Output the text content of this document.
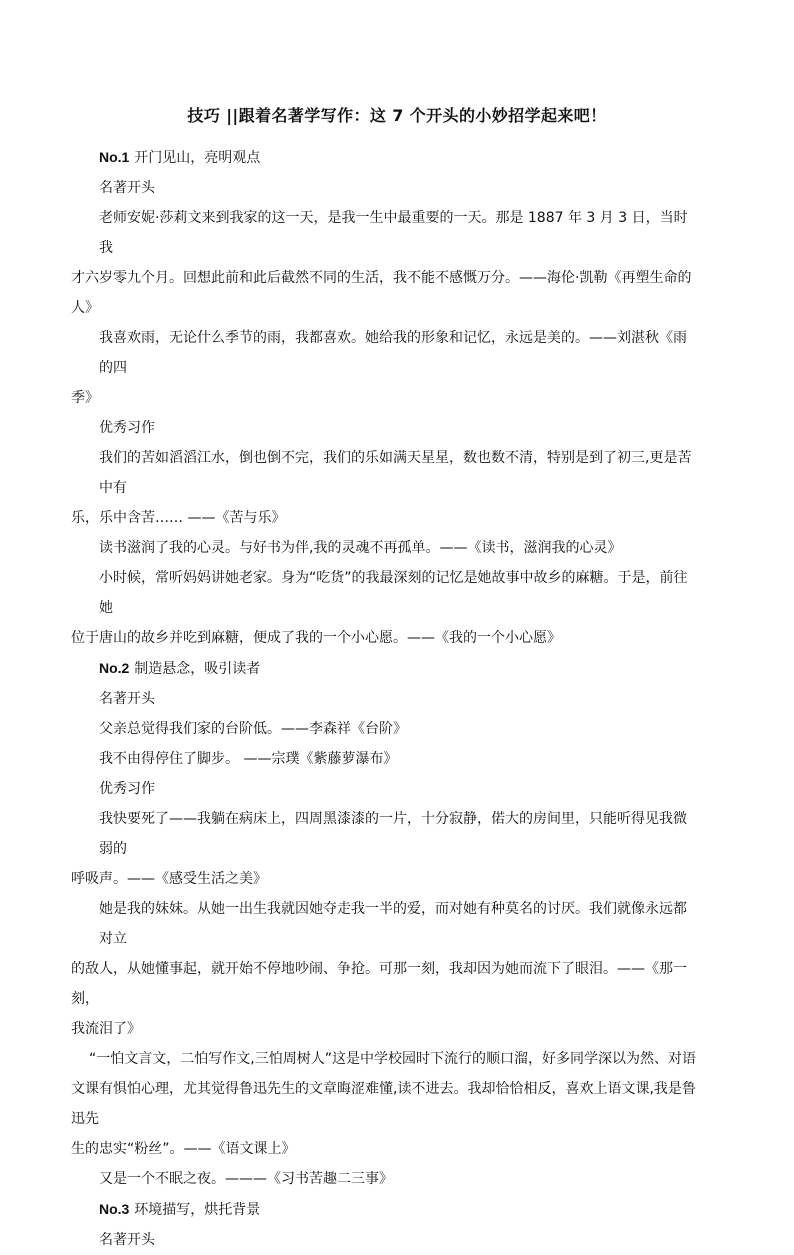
技巧 ||跟着名著学写作：这 7 个开头的小妙招学起来吧！
No.1 开门见山，亮明观点
名著开头
老师安妮·莎莉文来到我家的这一天，是我一生中最重要的一天。那是 1887 年 3 月 3 日，当时我
才六岁零九个月。回想此前和此后截然不同的生活，我不能不感慨万分。——海伦·凯勒《再塑生命的人》
我喜欢雨，无论什么季节的雨，我都喜欢。她给我的形象和记忆，永远是美的。——刘湛秋《雨的四
季》
优秀习作
我们的苦如滔滔江水，倒也倒不完，我们的乐如满天星星，数也数不清，特别是到了初三,更是苦中有
乐，乐中含苦…… ——《苦与乐》
读书滋润了我的心灵。与好书为伴,我的灵魂不再孤单。——《读书，滋润我的心灵》
小时候，常听妈妈讲她老家。身为“吃货”的我最深刻的记忆是她故事中故乡的麻糖。于是，前往她
位于唐山的故乡并吃到麻糖，便成了我的一个小心愿。——《我的一个小心愿》
No.2 制造悬念，吸引读者
名著开头
父亲总觉得我们家的台阶低。——李森祥《台阶》
我不由得停住了脚步。 ——宗璞《紫藤萝瀑布》
优秀习作
我快要死了——我躺在病床上，四周黑漆漆的一片，十分寂静，偌大的房间里，只能听得见我微弱的
呼吸声。——《感受生活之美》
她是我的妹妹。从她一出生我就因她夺走我一半的爱，而对她有种莫名的讨厌。我们就像永远都对立
的敌人，从她懂事起，就开始不停地吵闹、争抢。可那一刻，我却因为她而流下了眼泪。——《那一刻，
我流泪了》
“一怕文言文，二怕写作文,三怕周树人”这是中学校园时下流行的顺口溜，好多同学深以为然、对语
文课有惧怕心理，尤其觉得鲁迅先生的文章晦涩难懂,读不进去。我却恰恰相反，喜欢上语文课,我是鲁迅先
生的忠实“粉丝”。——《语文课上》
又是一个不眠之夜。———《习书苦趣二三事》
No.3 环境描写，烘托背景
名著开头
